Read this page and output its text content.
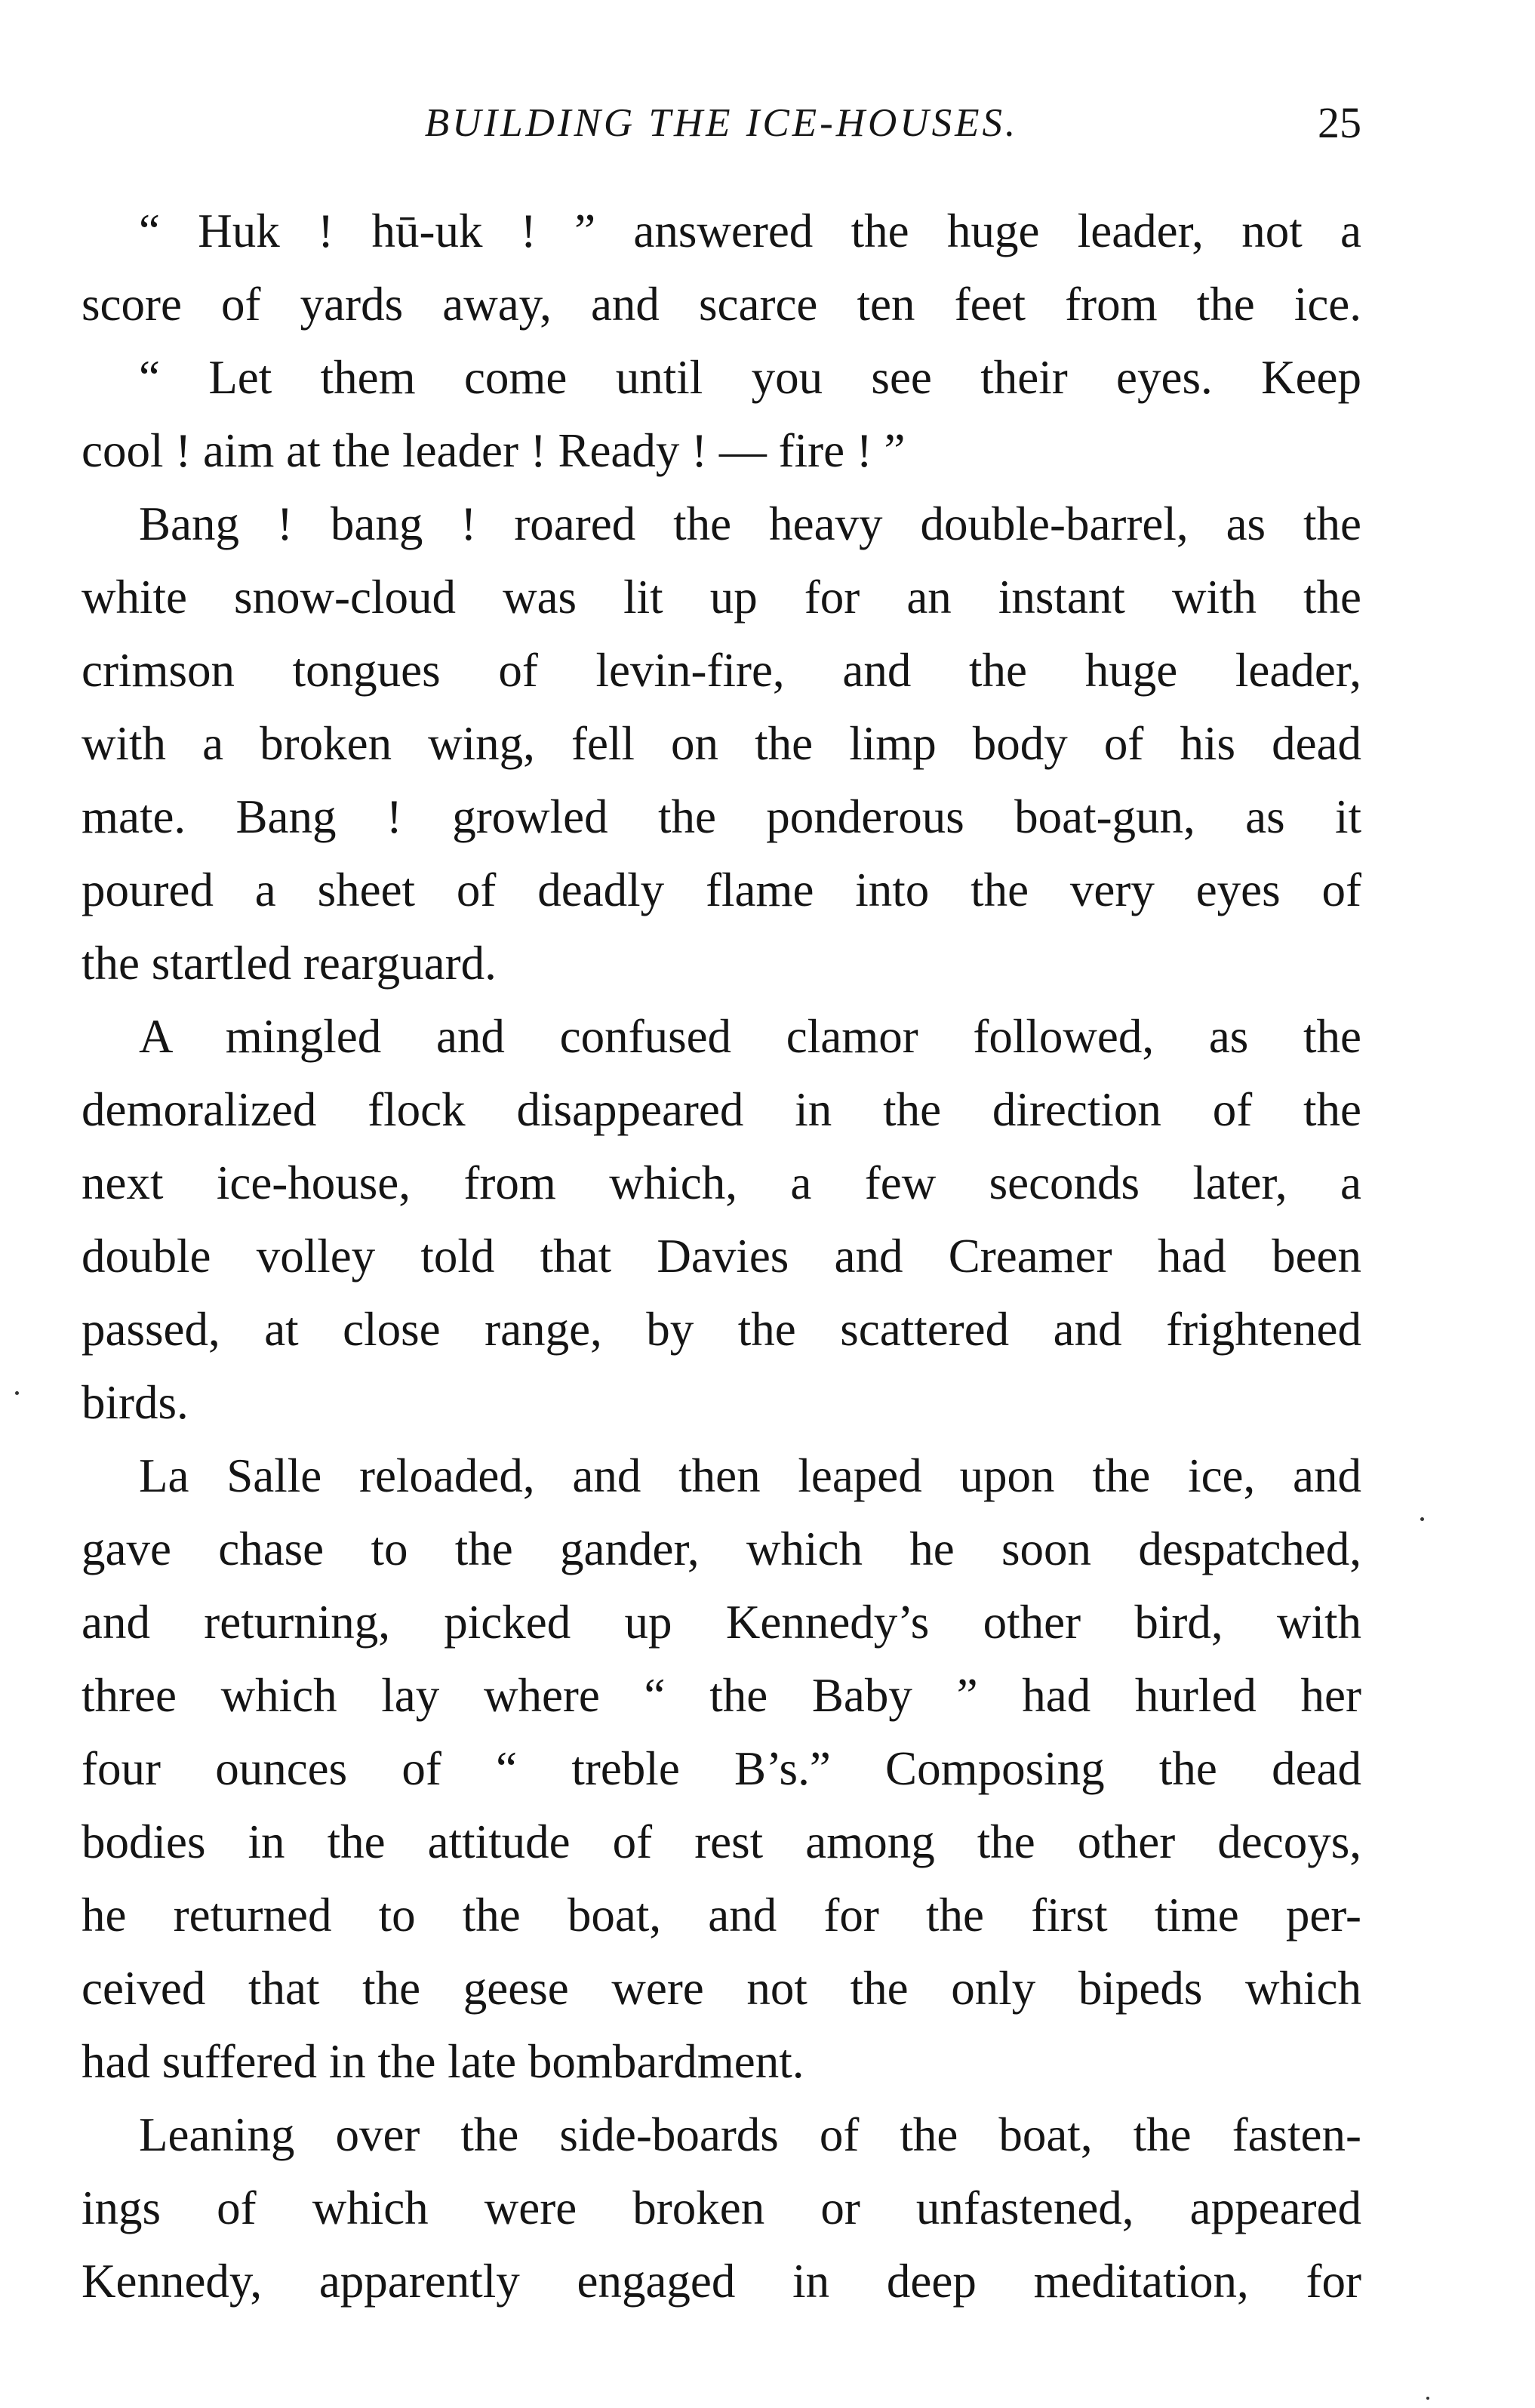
BUILDING THE ICE-HOUSES.	25
“ Huk ! hū-uk ! ” answered the huge leader, not a
score of yards away, and scarce ten feet from the ice.
“ Let them come until you see their eyes. Keep
cool ! aim at the leader ! Ready ! — fire ! ”
Bang ! bang ! roared the heavy double-barrel, as the
white snow-cloud was lit up for an instant with the
crimson tongues of levin-fire, and the huge leader,
with a broken wing, fell on the limp body of his dead
mate. Bang ! growled the ponderous boat-gun, as it
poured a sheet of deadly flame into the very eyes of
the startled rearguard.
A mingled and confused clamor followed, as the
demoralized flock disappeared in the direction of the
next ice-house, from which, a few seconds later, a
double volley told that Davies and Creamer had been
passed, at close range, by the scattered and frightened
birds.
La Salle reloaded, and then leaped upon the ice, and
gave chase to the gander, which he soon despatched,
and returning, picked up Kennedy’s other bird, with
three which lay where “ the Baby ” had hurled her
four ounces of “ treble B’s.” Composing the dead
bodies in the attitude of rest among the other decoys,
he returned to the boat, and for the first time per-
ceived that the geese were not the only bipeds which
had suffered in the late bombardment.
Leaning over the side-boards of the boat, the fasten-
ings of which were broken or unfastened, appeared
Kennedy, apparently engaged in deep meditation, for
